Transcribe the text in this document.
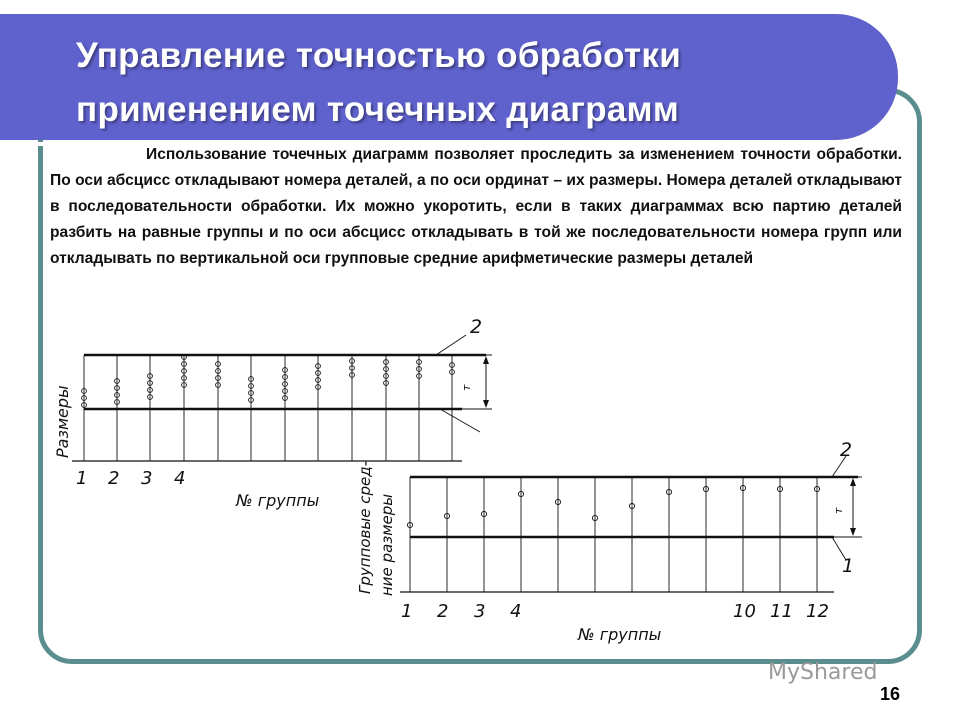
Управление точностью обработки
применением точечных диаграмм
Использование точечных диаграмм позволяет проследить за изменением точности обработки. По оси абсцисс откладывают номера деталей, а по оси ординат – их размеры. Номера деталей откладывают в последовательности обработки. Их можно укоротить, если в таких диаграммах всю партию деталей разбить на равные группы и по оси абсцисс откладывать в той же последовательности номера групп или откладывать по вертикальной оси групповые средние арифметические размеры деталей
2
т
Размеры
1 2 3 4
№ группы
2
1
т
Групповые сред- ние размеры
1 2 3 4	10 11 12
№ группы
MyShared
16
